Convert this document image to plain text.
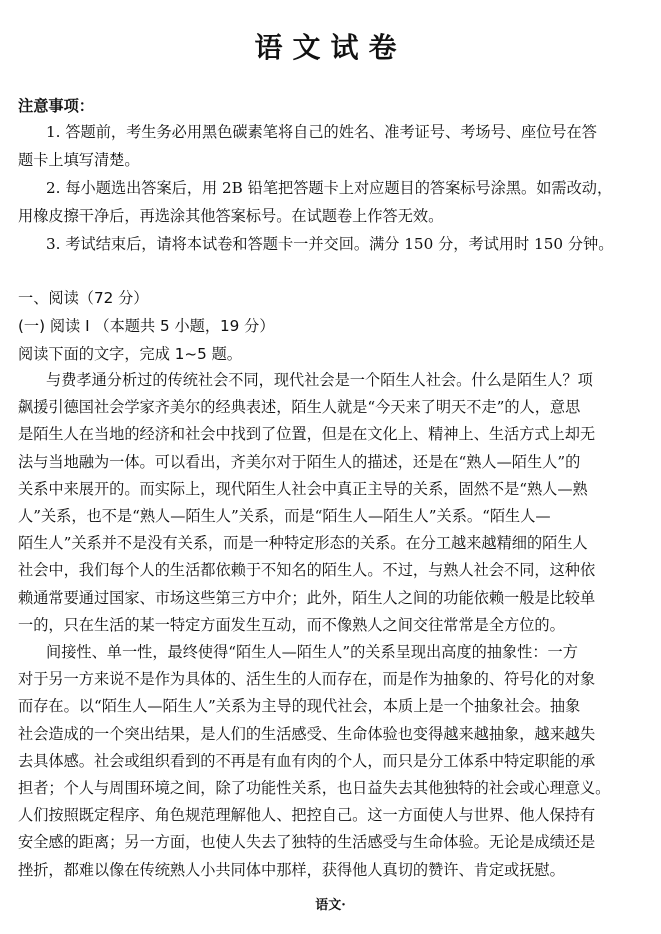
语文试卷
注意事项：
1. 答题前，考生务必用黑色碳素笔将自己的姓名、准考证号、考场号、座位号在答
题卡上填写清楚。
2. 每小题选出答案后，用 2B 铅笔把答题卡上对应题目的答案标号涂黑。如需改动，
用橡皮擦干净后，再选涂其他答案标号。在试题卷上作答无效。
3. 考试结束后，请将本试卷和答题卡一并交回。满分 150 分，考试用时 150 分钟。
一、阅读（72 分）
(一) 阅读 I （本题共 5 小题，19 分）
阅读下面的文字，完成 1~5 题。
与费孝通分析过的传统社会不同，现代社会是一个陌生人社会。什么是陌生人？项
飙援引德国社会学家齐美尔的经典表述，陌生人就是“今天来了明天不走”的人，意思
是陌生人在当地的经济和社会中找到了位置，但是在文化上、精神上、生活方式上却无
法与当地融为一体。可以看出，齐美尔对于陌生人的描述，还是在“熟人—陌生人”的
关系中来展开的。而实际上，现代陌生人社会中真正主导的关系，固然不是“熟人—熟
人”关系，也不是“熟人—陌生人”关系，而是“陌生人—陌生人”关系。“陌生人—
陌生人”关系并不是没有关系，而是一种特定形态的关系。在分工越来越精细的陌生人
社会中，我们每个人的生活都依赖于不知名的陌生人。不过，与熟人社会不同，这种依
赖通常要通过国家、市场这些第三方中介；此外，陌生人之间的功能依赖一般是比较单
一的，只在生活的某一特定方面发生互动，而不像熟人之间交往常常是全方位的。
间接性、单一性，最终使得“陌生人—陌生人”的关系呈现出高度的抽象性：一方
对于另一方来说不是作为具体的、活生生的人而存在，而是作为抽象的、符号化的对象
而存在。以“陌生人—陌生人”关系为主导的现代社会，本质上是一个抽象社会。抽象
社会造成的一个突出结果，是人们的生活感受、生命体验也变得越来越抽象，越来越失
去具体感。社会或组织看到的不再是有血有肉的个人，而只是分工体系中特定职能的承
担者；个人与周围环境之间，除了功能性关系，也日益失去其他独特的社会或心理意义。
人们按照既定程序、角色规范理解他人、把控自己。这一方面使人与世界、他人保持有
安全感的距离；另一方面，也使人失去了独特的生活感受与生命体验。无论是成绩还是
挫折，都难以像在传统熟人小共同体中那样，获得他人真切的赞许、肯定或抚慰。
语文·
